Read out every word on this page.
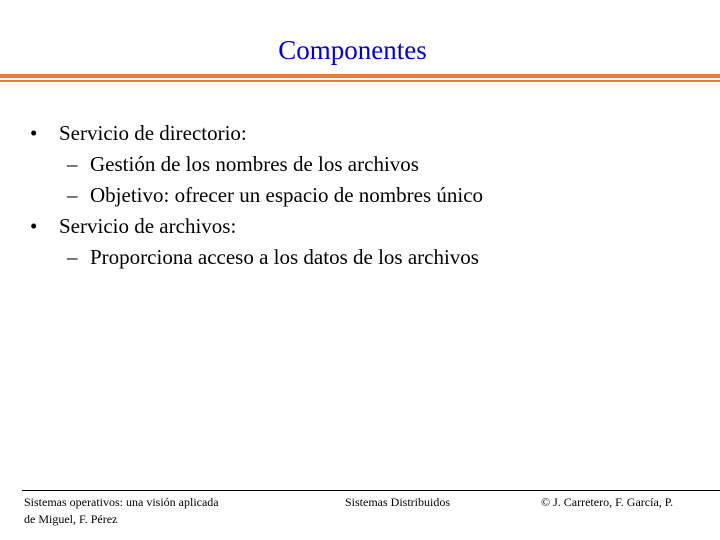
Componentes
•	Servicio de directorio:
– Gestión de los nombres de los archivos
– Objetivo: ofrecer un espacio de nombres único
•	Servicio de archivos:
– Proporciona acceso a los datos de los archivos
Sistemas operativos: una visión aplicada
de Miguel, F. Pérez
Sistemas Distribuidos	© J. Carretero, F. García, P.
